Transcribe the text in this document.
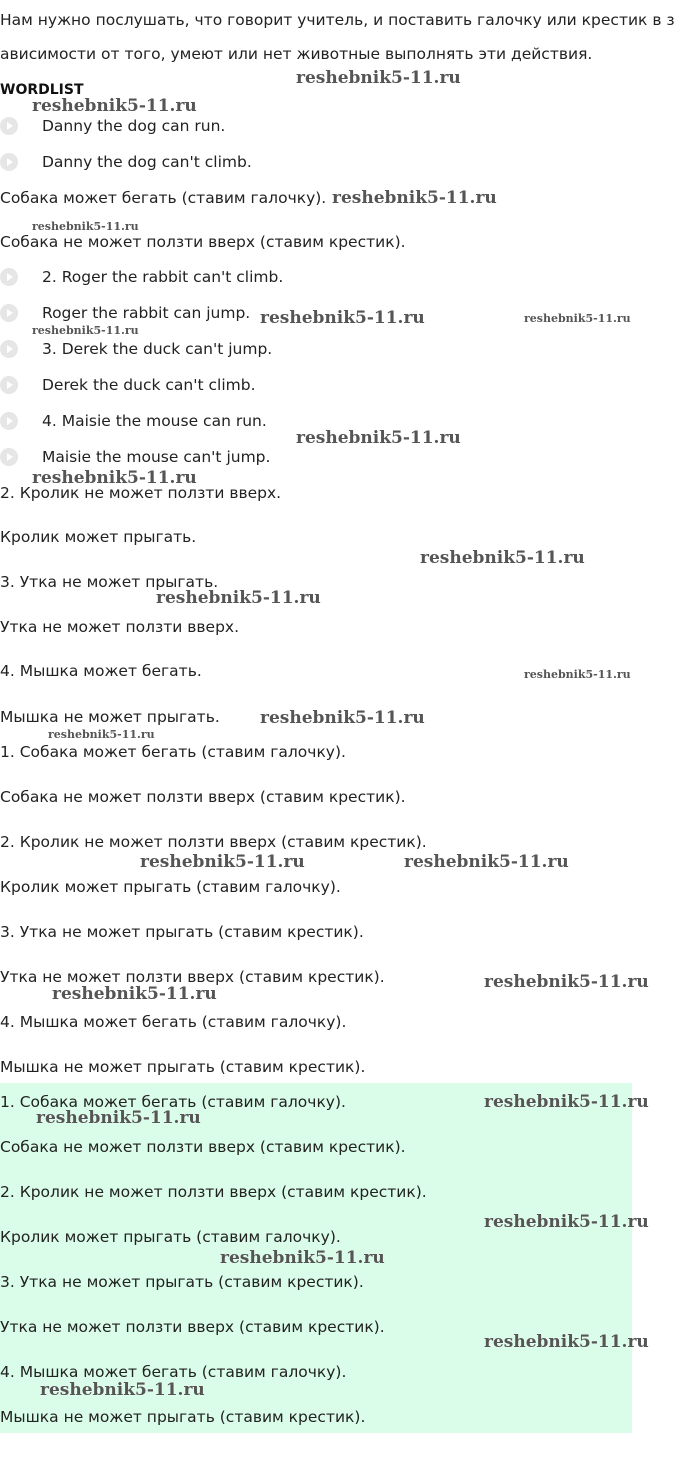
Нам нужно послушать, что говорит учитель, и поставить галочку или крестик в з
ависимости от того, умеют или нет животные выполнять эти действия.
WORDLIST
Danny the dog can run.
Danny the dog can't climb.
Собака может бегать (ставим галочку).
Собака не может ползти вверх (ставим крестик).
2. Roger the rabbit can't climb.
Roger the rabbit can jump.
3. Derek the duck can't jump.
Derek the duck can't climb.
4. Maisie the mouse can run.
Maisie the mouse can't jump.
2. Кролик не может ползти вверх.
Кролик может прыгать.
3. Утка не может прыгать.
Утка не может ползти вверх.
4. Мышка может бегать.
Мышка не может прыгать.
1. Собака может бегать (ставим галочку).
Собака не может ползти вверх (ставим крестик).
2. Кролик не может ползти вверх (ставим крестик).
Кролик может прыгать (ставим галочку).
3. Утка не может прыгать (ставим крестик).
Утка не может ползти вверх (ставим крестик).
4. Мышка может бегать (ставим галочку).
Мышка не может прыгать (ставим крестик).
1. Собака может бегать (ставим галочку).
Собака не может ползти вверх (ставим крестик).
2. Кролик не может ползти вверх (ставим крестик).
Кролик может прыгать (ставим галочку).
3. Утка не может прыгать (ставим крестик).
Утка не может ползти вверх (ставим крестик).
4. Мышка может бегать (ставим галочку).
Мышка не может прыгать (ставим крестик).
reshebnik5-11.ru
reshebnik5-11.ru
reshebnik5-11.ru
reshebnik5-11.ru
reshebnik5-11.ru	reshebnik5-11.ru
reshebnik5-11.ru
reshebnik5-11.ru
reshebnik5-11.ru
reshebnik5-11.ru
reshebnik5-11.ru
reshebnik5-11.ru
reshebnik5-11.ru
reshebnik5-11.ru
reshebnik5-11.ru	reshebnik5-11.ru
reshebnik5-11.ru
reshebnik5-11.ru
reshebnik5-11.ru
reshebnik5-11.ru
reshebnik5-11.ru
reshebnik5-11.ru
reshebnik5-11.ru
reshebnik5-11.ru
